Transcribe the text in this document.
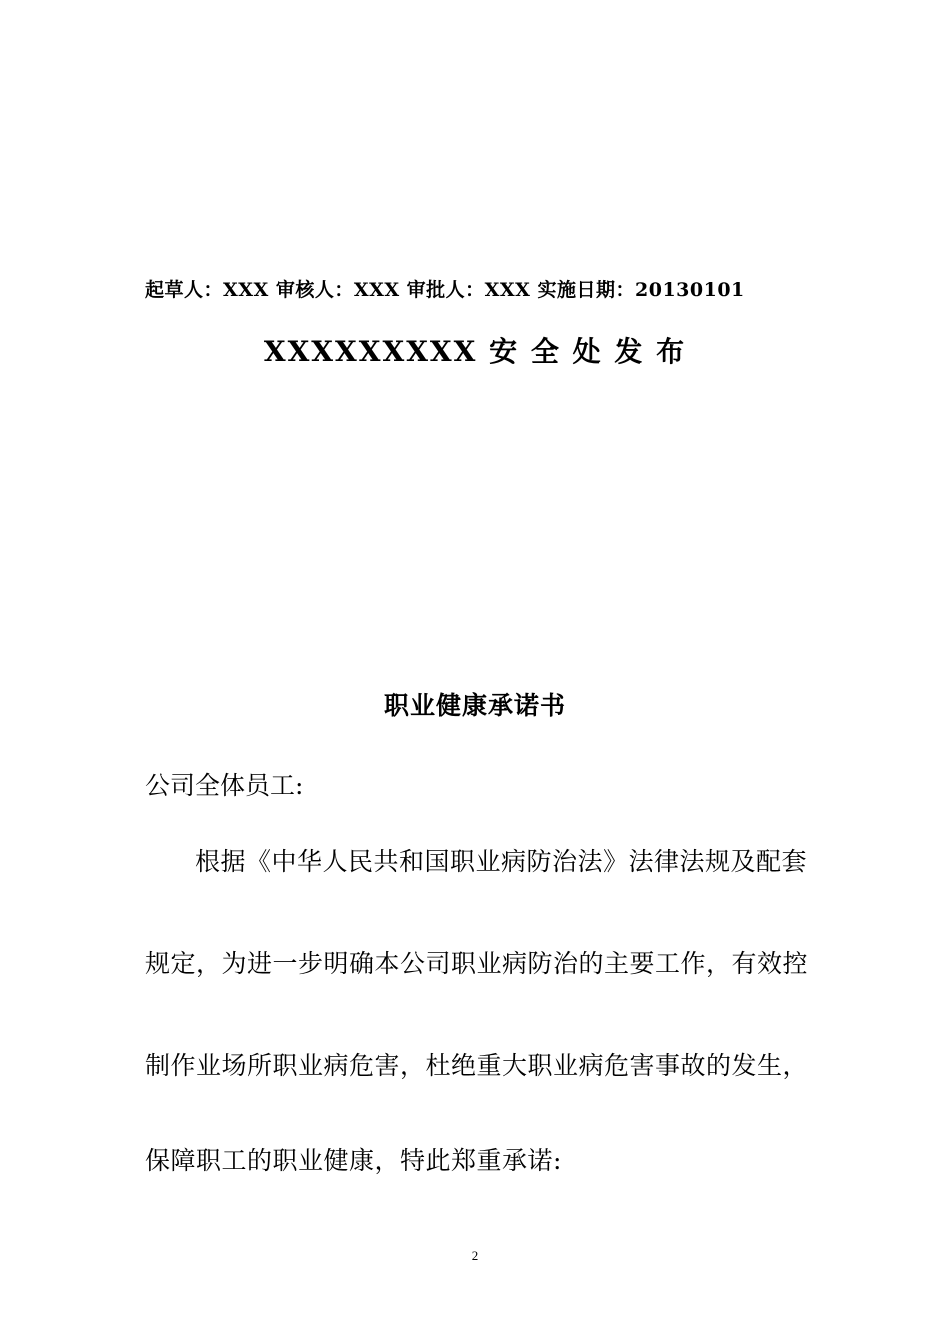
起草人：XXX 审核人：XXX 审批人：XXX 实施日期：20130101
XXXXXXXXX 安 全 处 发 布
职业健康承诺书
公司全体员工:
根据《中华人民共和国职业病防治法》法律法规及配套
规定，为进一步明确本公司职业病防治的主要工作，有效控
制作业场所职业病危害，杜绝重大职业病危害事故的发生，
保障职工的职业健康，特此郑重承诺:
2
